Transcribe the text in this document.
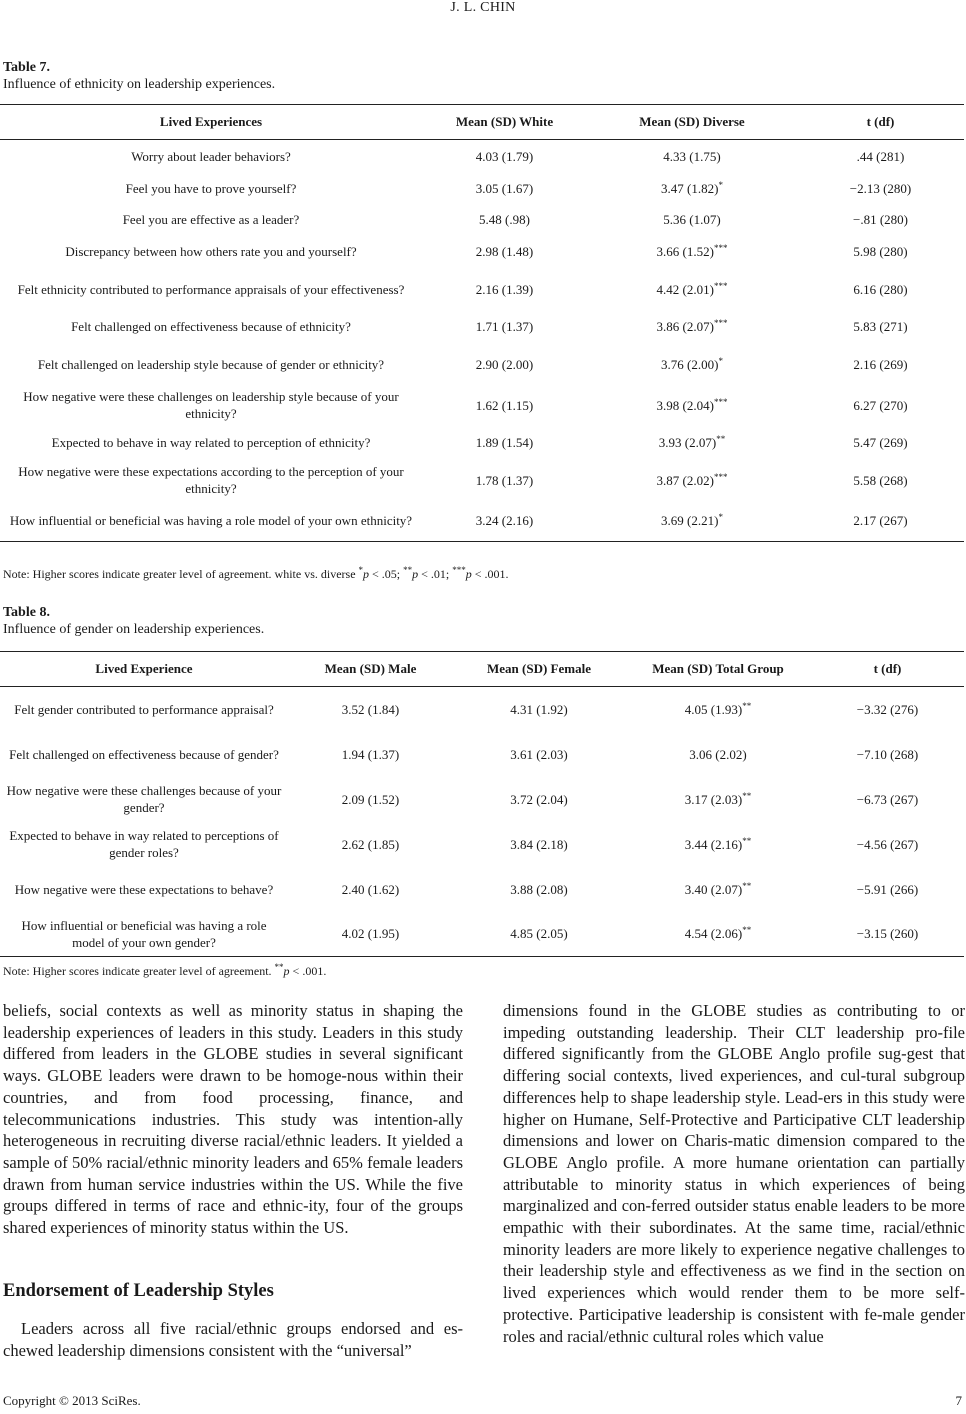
J. L. CHIN
Table 7.
Influence of ethnicity on leadership experiences.
Lived Experiences	Mean (SD) White	Mean (SD) Diverse	t (df)
Worry about leader behaviors?	4.03 (1.79)	4.33 (1.75)	.44 (281)
Feel you have to prove yourself?	3.05 (1.67)	3.47 (1.82)*	−2.13 (280)
Feel you are effective as a leader?	5.48 (.98)	5.36 (1.07)	−.81 (280)
Discrepancy between how others rate you and yourself?	2.98 (1.48)	3.66 (1.52)***	5.98 (280)
Felt ethnicity contributed to performance appraisals of your effectiveness?	2.16 (1.39)	4.42 (2.01)***	6.16 (280)
Felt challenged on effectiveness because of ethnicity?	1.71 (1.37)	3.86 (2.07)***	5.83 (271)
Felt challenged on leadership style because of gender or ethnicity?	2.90 (2.00)	3.76 (2.00)*	2.16 (269)
How negative were these challenges on leadership style because of your ethnicity?	1.62 (1.15)	3.98 (2.04)***	6.27 (270)
Expected to behave in way related to perception of ethnicity?	1.89 (1.54)	3.93 (2.07)**	5.47 (269)
How negative were these expectations according to the perception of your ethnicity?	1.78 (1.37)	3.87 (2.02)***	5.58 (268)
How influential or beneficial was having a role model of your own ethnicity?	3.24 (2.16)	3.69 (2.21)*	2.17 (267)
Note: Higher scores indicate greater level of agreement. white vs. diverse *p < .05; **p < .01; ***p < .001.
Table 8.
Influence of gender on leadership experiences.
Lived Experience	Mean (SD) Male	Mean (SD) Female	Mean (SD) Total Group	t (df)
Felt gender contributed to performance appraisal?	3.52 (1.84)	4.31 (1.92)	4.05 (1.93)**	−3.32 (276)
Felt challenged on effectiveness because of gender?	1.94 (1.37)	3.61 (2.03)	3.06 (2.02)	−7.10 (268)
How negative were these challenges because of your gender?	2.09 (1.52)	3.72 (2.04)	3.17 (2.03)**	−6.73 (267)
Expected to behave in way related to perceptions of gender roles?	2.62 (1.85)	3.84 (2.18)	3.44 (2.16)**	−4.56 (267)
How negative were these expectations to behave?	2.40 (1.62)	3.88 (2.08)	3.40 (2.07)**	−5.91 (266)
How influential or beneficial was having a role model of your own gender?	4.02 (1.95)	4.85 (2.05)	4.54 (2.06)**	−3.15 (260)
Note: Higher scores indicate greater level of agreement. **p < .001.

beliefs, social contexts as well as minority status in shaping the leadership experiences of leaders in this study. Leaders in this study differed from leaders in the GLOBE studies in several significant ways. GLOBE leaders were drawn to be homoge-nous within their countries, and from food processing, finance, and telecommunications industries. This study was intention-ally heterogeneous in recruiting diverse racial/ethnic leaders. It yielded a sample of 50% racial/ethnic minority leaders and 65% female leaders drawn from human service industries within the US. While the five groups differed in terms of race and ethnic-ity, four of the groups shared experiences of minority status within the US.

Endorsement of Leadership Styles

Leaders across all five racial/ethnic groups endorsed and es-chewed leadership dimensions consistent with the “universal”

dimensions found in the GLOBE studies as contributing to or impeding outstanding leadership. Their CLT leadership pro-file differed significantly from the GLOBE Anglo profile sug-gest that differing social contexts, lived experiences, and cul-tural subgroup differences help to shape leadership style. Lead-ers in this study were higher on Humane, Self-Protective and Participative CLT leadership dimensions and lower on Charis-matic dimension compared to the GLOBE Anglo profile. A more humane orientation can partially attributable to minority status in which experiences of being marginalized and con-ferred outsider status enable leaders to be more empathic with their subordinates. At the same time, racial/ethnic minority leaders are more likely to experience negative challenges to their leadership style and effectiveness as we find in the section on lived experiences which would render them to be more self-protective. Participative leadership is consistent with fe-male gender roles and racial/ethnic cultural roles which value

Copyright © 2013 SciRes.	7
